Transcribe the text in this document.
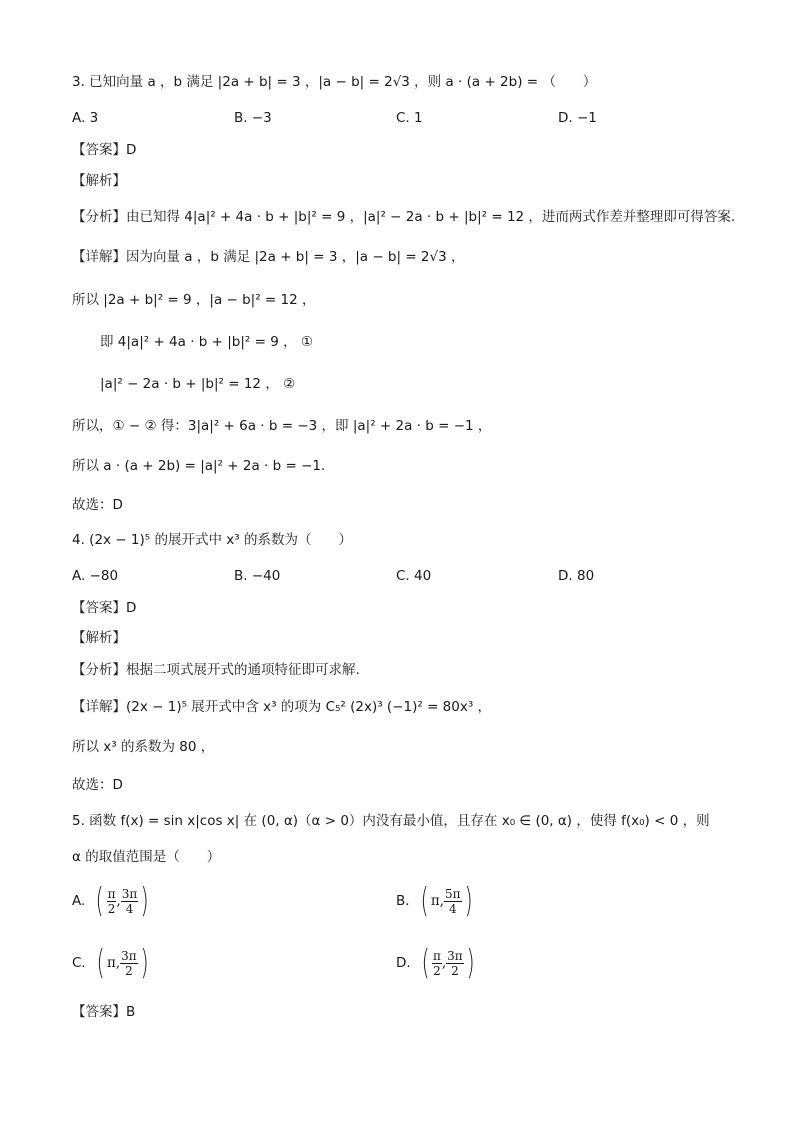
3. 已知向量 a ，b 满足 |2a + b| = 3 ，|a − b| = 2√3 ，则 a · (a + 2b) = （　　）
A. 3	B. −3	C. 1	D. −1
【答案】D
【解析】
【分析】由已知得 4|a|² + 4a · b + |b|² = 9 ，|a|² − 2a · b + |b|² = 12 ，进而两式作差并整理即可得答案.
【详解】因为向量 a ，b 满足 |2a + b| = 3 ，|a − b| = 2√3 ，
所以 |2a + b|² = 9 ，|a − b|² = 12 ，
即 4|a|² + 4a · b + |b|² = 9 ， ①
|a|² − 2a · b + |b|² = 12 ， ②
所以，① − ② 得：3|a|² + 6a · b = −3 ，即 |a|² + 2a · b = −1 ，
所以 a · (a + 2b) = |a|² + 2a · b = −1.
故选：D
4. (2x − 1)⁵ 的展开式中 x³ 的系数为（　　）
A. −80	B. −40	C. 40	D. 80
【答案】D
【解析】
【分析】根据二项式展开式的通项特征即可求解.
【详解】(2x − 1)⁵ 展开式中含 x³ 的项为 C₅² (2x)³ (−1)² = 80x³ ，
所以 x³ 的系数为 80 ，
故选：D
5. 函数 f(x) = sin x|cos x| 在 (0, α)（α > 0）内没有最小值，且存在 x₀ ∈ (0, α) ，使得 f(x₀) < 0 ，则
α 的取值范围是（　　）
A. ( $\frac{\pi}{2}$ , $\frac{3\pi}{4}$ )	B. ( π, $\frac{5\pi}{4}$ )
C. ( π, $\frac{3\pi}{2}$ )	D. ( $\frac{\pi}{2}$ , $\frac{3\pi}{2}$ )
【答案】B
